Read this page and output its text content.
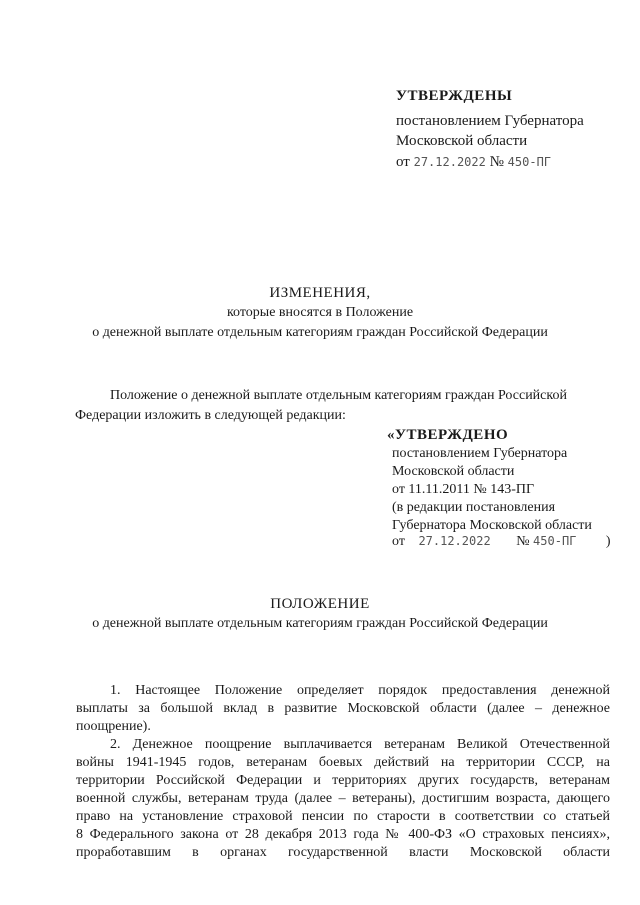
УТВЕРЖДЕНЫ
постановлением Губернатора
Московской области
от 27.12.2022 № 450-ПГ
ИЗМЕНЕНИЯ,
которые вносятся в Положение
о денежной выплате отдельным категориям граждан Российской Федерации
Положение о денежной выплате отдельным категориям граждан Российской
Федерации изложить в следующей редакции:
«УТВЕРЖДЕНО
постановлением Губернатора
Московской области
от 11.11.2011 № 143-ПГ
(в редакции постановления
Губернатора Московской области
от 27.12.2022 № 450-ПГ )
ПОЛОЖЕНИЕ
о денежной выплате отдельным категориям граждан Российской Федерации
1. Настоящее Положение определяет порядок предоставления денежной
выплаты за большой вклад в развитие Московской области (далее – денежное
поощрение).
2. Денежное поощрение выплачивается ветеранам Великой Отечественной
войны 1941-1945 годов, ветеранам боевых действий на территории СССР, на
территории Российской Федерации и территориях других государств, ветеранам
военной службы, ветеранам труда (далее – ветераны), достигшим возраста, дающего
право на установление страховой пенсии по старости в соответствии со статьей
8 Федерального закона от 28 декабря 2013 года № 400-ФЗ «О страховых пенсиях»,
проработавшим в органах государственной власти Московской области
